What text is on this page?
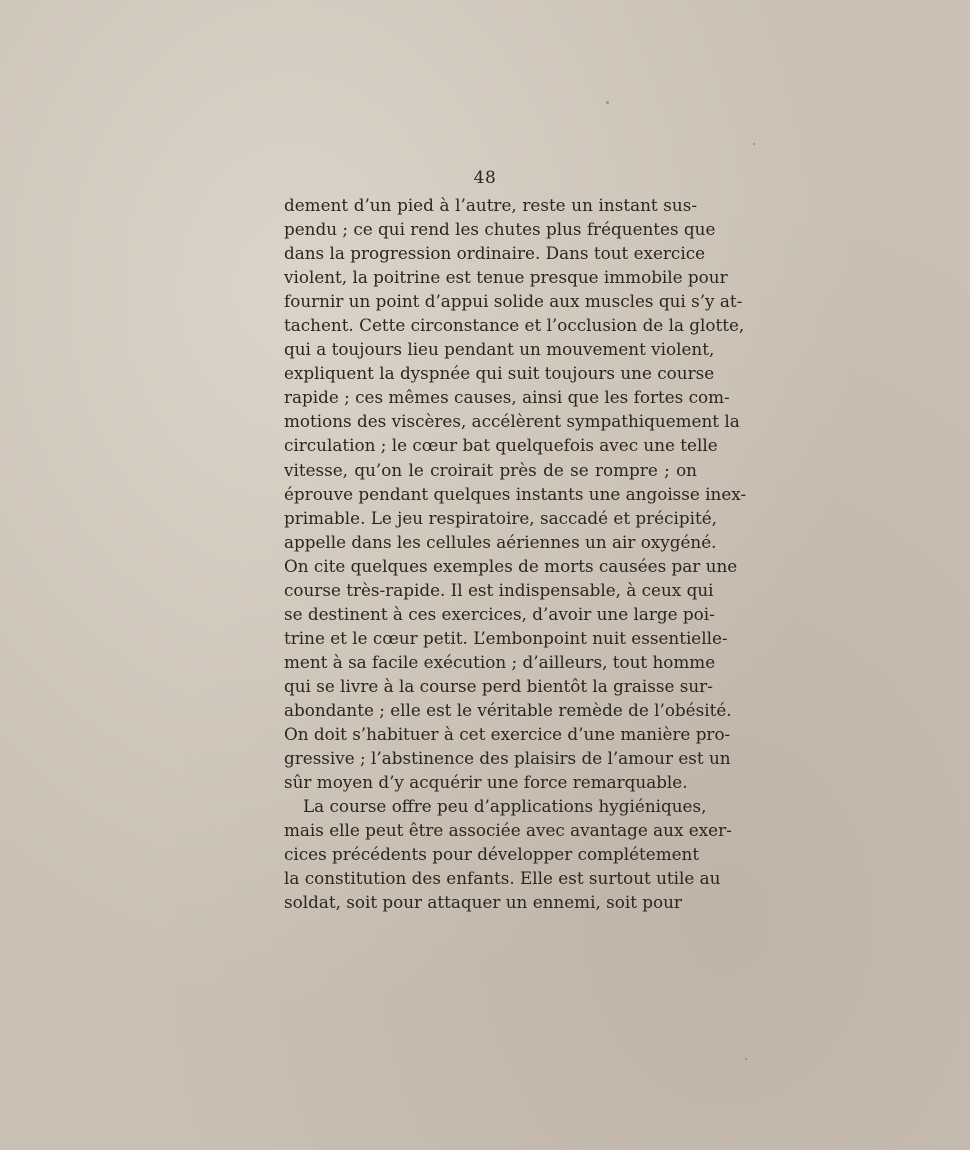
48
dement d’un pied à l’autre, reste un instant sus-
pendu ; ce qui rend les chutes plus fréquentes que
dans la progression ordinaire. Dans tout exercice
violent, la poitrine est tenue presque immobile pour
fournir un point d’appui solide aux muscles qui s’y at-
tachent. Cette circonstance et l’occlusion de la glotte,
qui a toujours lieu pendant un mouvement violent,
expliquent la dyspnée qui suit toujours une course
rapide ; ces mêmes causes, ainsi que les fortes com-
motions des viscères, accélèrent sympathiquement la
circulation ; le cœur bat quelquefois avec une telle
vitesse, qu’on le croirait près de se rompre ; on
éprouve pendant quelques instants une angoisse inex-
primable. Le jeu respiratoire, saccadé et précipité,
appelle dans les cellules aériennes un air oxygéné.
On cite quelques exemples de morts causées par une
course très-rapide. Il est indispensable, à ceux qui
se destinent à ces exercices, d’avoir une large poi-
trine et le cœur petit. L’embonpoint nuit essentielle-
ment à sa facile exécution ; d’ailleurs, tout homme
qui se livre à la course perd bientôt la graisse sur-
abondante ; elle est le véritable remède de l’obésité.
On doit s’habituer à cet exercice d’une manière pro-
gressive ; l’abstinence des plaisirs de l’amour est un
sûr moyen d’y acquérir une force remarquable.
La course offre peu d’applications hygiéniques,
mais elle peut être associée avec avantage aux exer-
cices précédents pour développer complétement
la constitution des enfants. Elle est surtout utile au
soldat, soit pour attaquer un ennemi, soit pour
